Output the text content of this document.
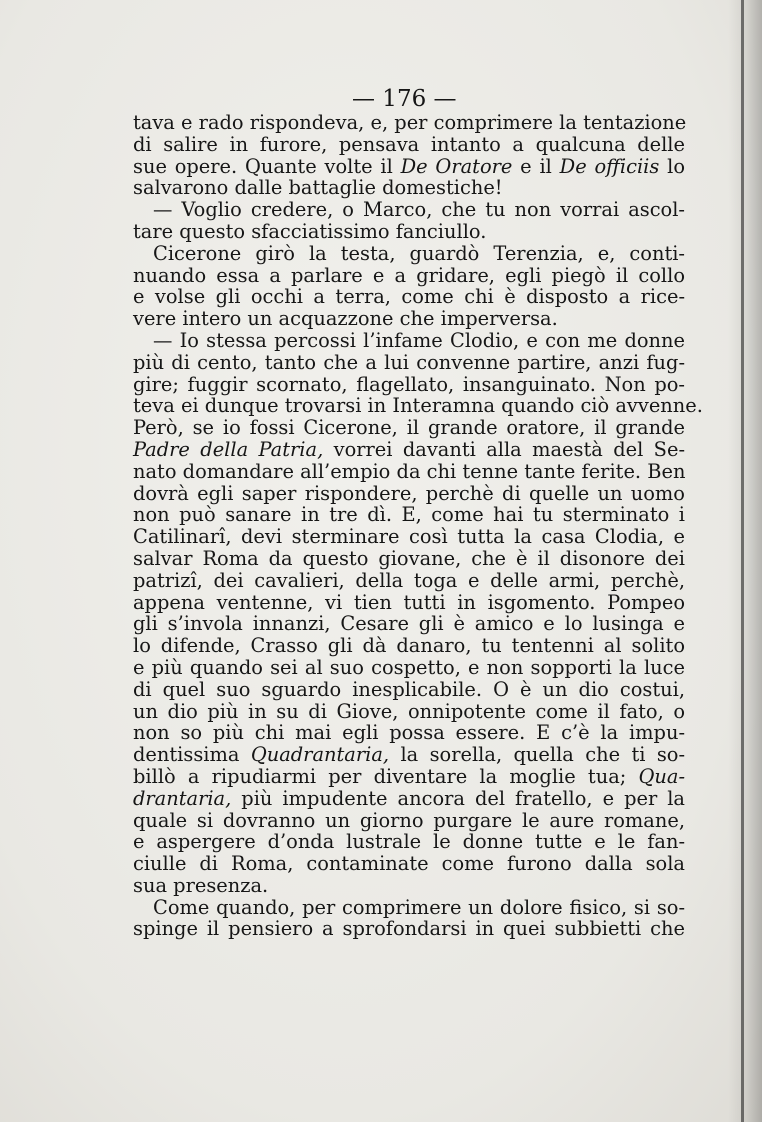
— 176 —
tava e rado rispondeva, e, per comprimere la tentazione
di salire in furore, pensava intanto a qualcuna delle
sue opere. Quante volte il De Oratore e il De officiis lo
salvarono dalle battaglie domestiche!
— Voglio credere, o Marco, che tu non vorrai ascol-
tare questo sfacciatissimo fanciullo.
Cicerone girò la testa, guardò Terenzia, e, conti-
nuando essa a parlare e a gridare, egli piegò il collo
e volse gli occhi a terra, come chi è disposto a rice-
vere intero un acquazzone che imperversa.
— Io stessa percossi l’infame Clodio, e con me donne
più di cento, tanto che a lui convenne partire, anzi fug-
gire; fuggir scornato, flagellato, insanguinato. Non po-
teva ei dunque trovarsi in Interamna quando ciò avvenne.
Però, se io fossi Cicerone, il grande oratore, il grande
Padre della Patria, vorrei davanti alla maestà del Se-
nato domandare all’empio da chi tenne tante ferite. Ben
dovrà egli saper rispondere, perchè di quelle un uomo
non può sanare in tre dì. E, come hai tu sterminato i
Catilinarî, devi sterminare così tutta la casa Clodia, e
salvar Roma da questo giovane, che è il disonore dei
patrizî, dei cavalieri, della toga e delle armi, perchè,
appena ventenne, vi tien tutti in isgomento. Pompeo
gli s’invola innanzi, Cesare gli è amico e lo lusinga e
lo difende, Crasso gli dà danaro, tu tentenni al solito
e più quando sei al suo cospetto, e non sopporti la luce
di quel suo sguardo inesplicabile. O è un dio costui,
un dio più in su di Giove, onnipotente come il fato, o
non so più chi mai egli possa essere. E c’è la impu-
dentissima Quadrantaria, la sorella, quella che ti so-
billò a ripudiarmi per diventare la moglie tua; Qua-
drantaria, più impudente ancora del fratello, e per la
quale si dovranno un giorno purgare le aure romane,
e aspergere d’onda lustrale le donne tutte e le fan-
ciulle di Roma, contaminate come furono dalla sola
sua presenza.
Come quando, per comprimere un dolore fisico, si so-
spinge il pensiero a sprofondarsi in quei subbietti che
